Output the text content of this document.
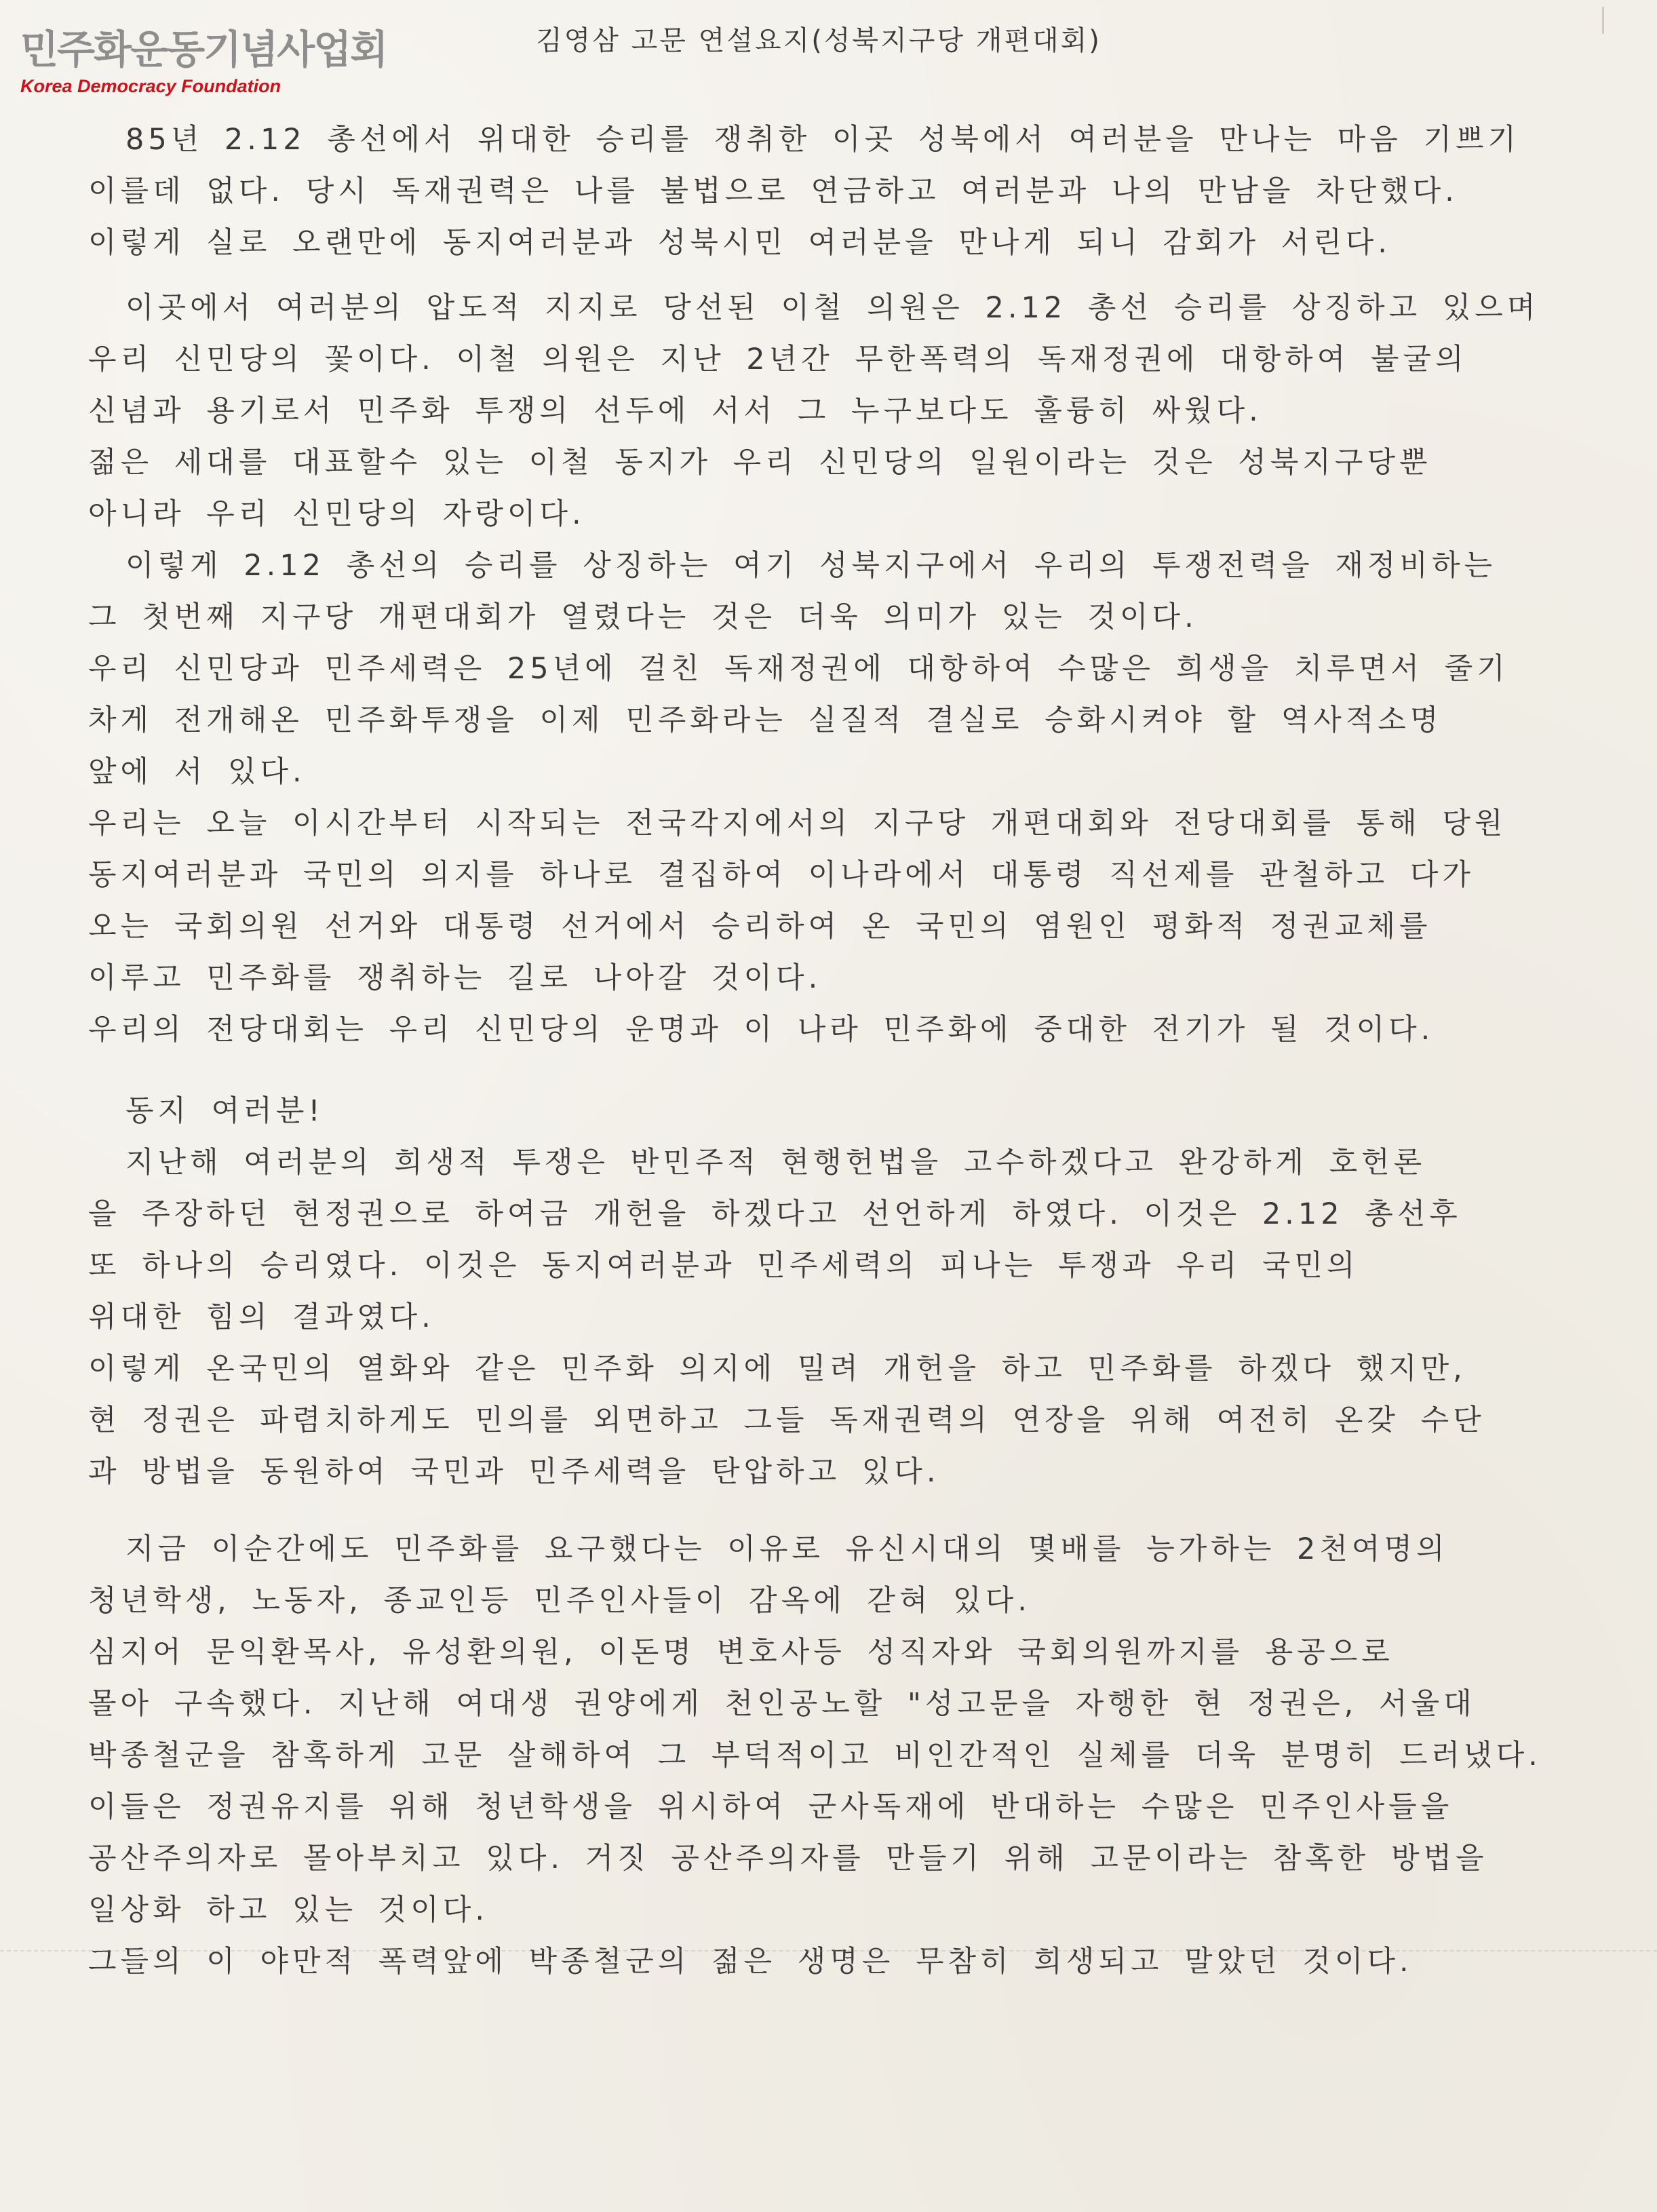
민주화운동기념사업회
Korea Democracy Foundation
김영삼 고문 연설요지(성북지구당 개편대회)
85년 2.12 총선에서 위대한 승리를 쟁취한 이곳 성북에서 여러분을 만나는 마음 기쁘기
이를데 없다. 당시 독재권력은 나를 불법으로 연금하고 여러분과 나의 만남을 차단했다.
이렇게 실로 오랜만에 동지여러분과 성북시민 여러분을 만나게 되니 감회가 서린다.
이곳에서 여러분의 압도적 지지로 당선된 이철 의원은 2.12 총선 승리를 상징하고 있으며
우리 신민당의 꽃이다. 이철 의원은 지난 2년간 무한폭력의 독재정권에 대항하여 불굴의
신념과 용기로서 민주화 투쟁의 선두에 서서 그 누구보다도 훌륭히 싸웠다.
젊은 세대를 대표할수 있는 이철 동지가 우리 신민당의 일원이라는 것은 성북지구당뿐
아니라 우리 신민당의 자랑이다.
이렇게 2.12 총선의 승리를 상징하는 여기 성북지구에서 우리의 투쟁전력을 재정비하는
그 첫번째 지구당 개편대회가 열렸다는 것은 더욱 의미가 있는 것이다.
우리 신민당과 민주세력은 25년에 걸친 독재정권에 대항하여 수많은 희생을 치루면서 줄기
차게 전개해온 민주화투쟁을 이제 민주화라는 실질적 결실로 승화시켜야 할 역사적소명
앞에 서 있다.
우리는 오늘 이시간부터 시작되는 전국각지에서의 지구당 개편대회와 전당대회를 통해 당원
동지여러분과 국민의 의지를 하나로 결집하여 이나라에서 대통령 직선제를 관철하고 다가
오는 국회의원 선거와 대통령 선거에서 승리하여 온 국민의 염원인 평화적 정권교체를
이루고 민주화를 쟁취하는 길로 나아갈 것이다.
우리의 전당대회는 우리 신민당의 운명과 이 나라 민주화에 중대한 전기가 될 것이다.
동지 여러분!
지난해 여러분의 희생적 투쟁은 반민주적 현행헌법을 고수하겠다고 완강하게 호헌론
을 주장하던 현정권으로 하여금 개헌을 하겠다고 선언하게 하였다. 이것은 2.12 총선후
또 하나의 승리였다. 이것은 동지여러분과 민주세력의 피나는 투쟁과 우리 국민의
위대한 힘의 결과였다.
이렇게 온국민의 열화와 같은 민주화 의지에 밀려 개헌을 하고 민주화를 하겠다 했지만,
현 정권은 파렴치하게도 민의를 외면하고 그들 독재권력의 연장을 위해 여전히 온갖 수단
과 방법을 동원하여 국민과 민주세력을 탄압하고 있다.
지금 이순간에도 민주화를 요구했다는 이유로 유신시대의 몇배를 능가하는 2천여명의
청년학생, 노동자, 종교인등 민주인사들이 감옥에 갇혀 있다.
심지어 문익환목사, 유성환의원, 이돈명 변호사등 성직자와 국회의원까지를 용공으로
몰아 구속했다. 지난해 여대생 권양에게 천인공노할 "성고문을 자행한 현 정권은, 서울대
박종철군을 참혹하게 고문 살해하여 그 부덕적이고 비인간적인 실체를 더욱 분명히 드러냈다.
이들은 정권유지를 위해 청년학생을 위시하여 군사독재에 반대하는 수많은 민주인사들을
공산주의자로 몰아부치고 있다. 거짓 공산주의자를 만들기 위해 고문이라는 참혹한 방법을
일상화 하고 있는 것이다.
그들의 이 야만적 폭력앞에 박종철군의 젊은 생명은 무참히 희생되고 말았던 것이다.
